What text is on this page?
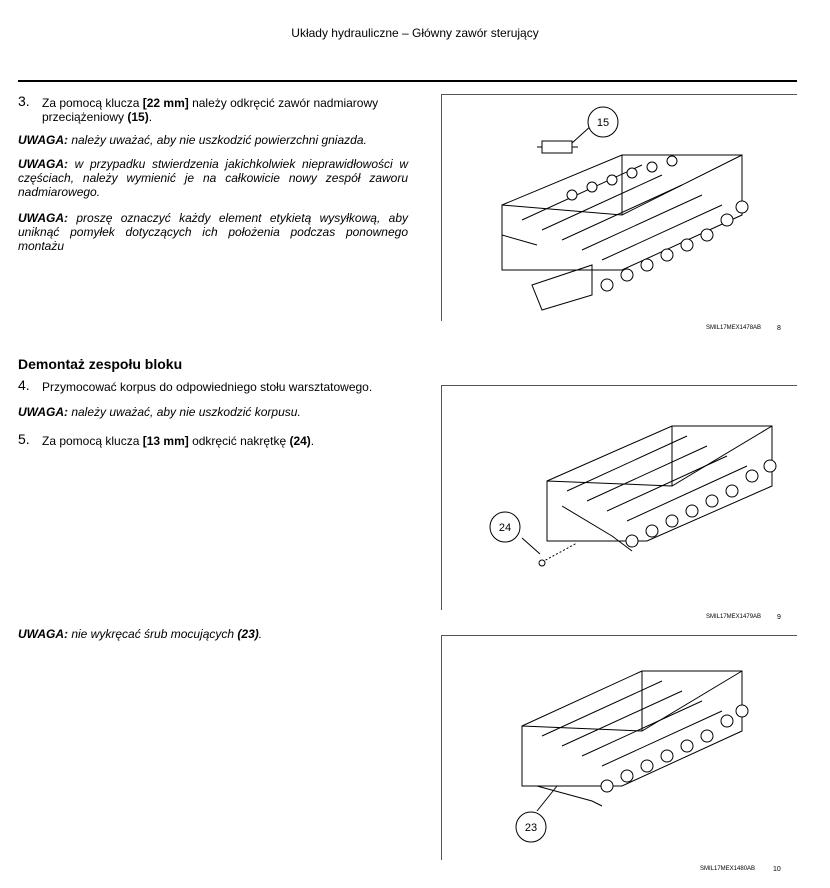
Układy hydrauliczne – Główny zawór sterujący
3.	Za pomocą klucza [22 mm] należy odkręcić zawór nadmiarowy
przeciążeniowy (15).
UWAGA: należy uważać, aby nie uszkodzić powierzchni gniazda.
UWAGA: w przypadku stwierdzenia jakichkolwiek nieprawidłowości w częściach, należy wymienić je na całkowicie nowy zespół zaworu nadmiarowego.
UWAGA: proszę oznaczyć każdy element etykietą wysyłkową, aby uniknąć pomyłek dotyczących ich położenia podczas ponownego montażu
Demontaż zespołu bloku
4.	Przymocować korpus do odpowiedniego stołu warsztatowego.
UWAGA: należy uważać, aby nie uszkodzić korpusu.
5.	Za pomocą klucza [13 mm] odkręcić nakrętkę (24).
UWAGA: nie wykręcać śrub mocujących (23).
15
SMIL17MEX1478AB 8
24
SMIL17MEX1479AB 9
23
SMIL17MEX1480AB	10
